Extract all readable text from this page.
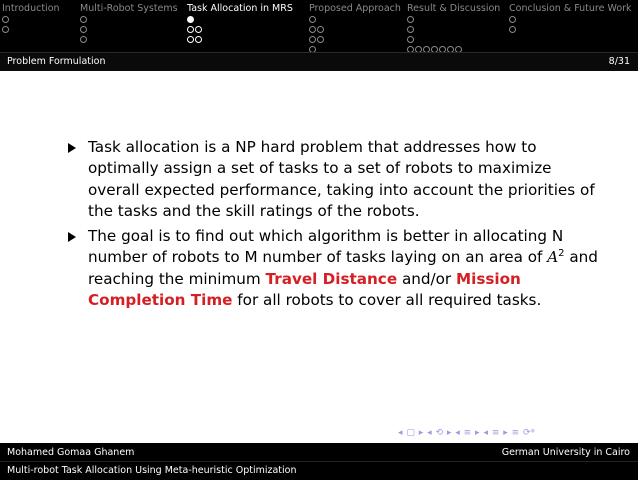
Introduction Multi-Robot Systems Task Allocation in MRS Proposed Approach Result & Discussion Conclusion & Future Work
Problem Formulation	8/31
Task allocation is a NP hard problem that addresses how to optimally assign a set of tasks to a set of robots to maximize overall expected performance, taking into account the priorities of the tasks and the skill ratings of the robots.
The goal is to find out which algorithm is better in allocating N number of robots to M number of tasks laying on an area of $A^2$ and reaching the minimum Travel Distance and/or Mission Completion Time for all robots to cover all required tasks.
◂ ▢ ▸ ◂ ⟲ ▸ ◂ ≡ ▸ ◂ ≡ ▸ ≡ ⟳ᵠ
Mohamed Gomaa Ghanem	German University in Cairo
Multi-robot Task Allocation Using Meta-heuristic Optimization
